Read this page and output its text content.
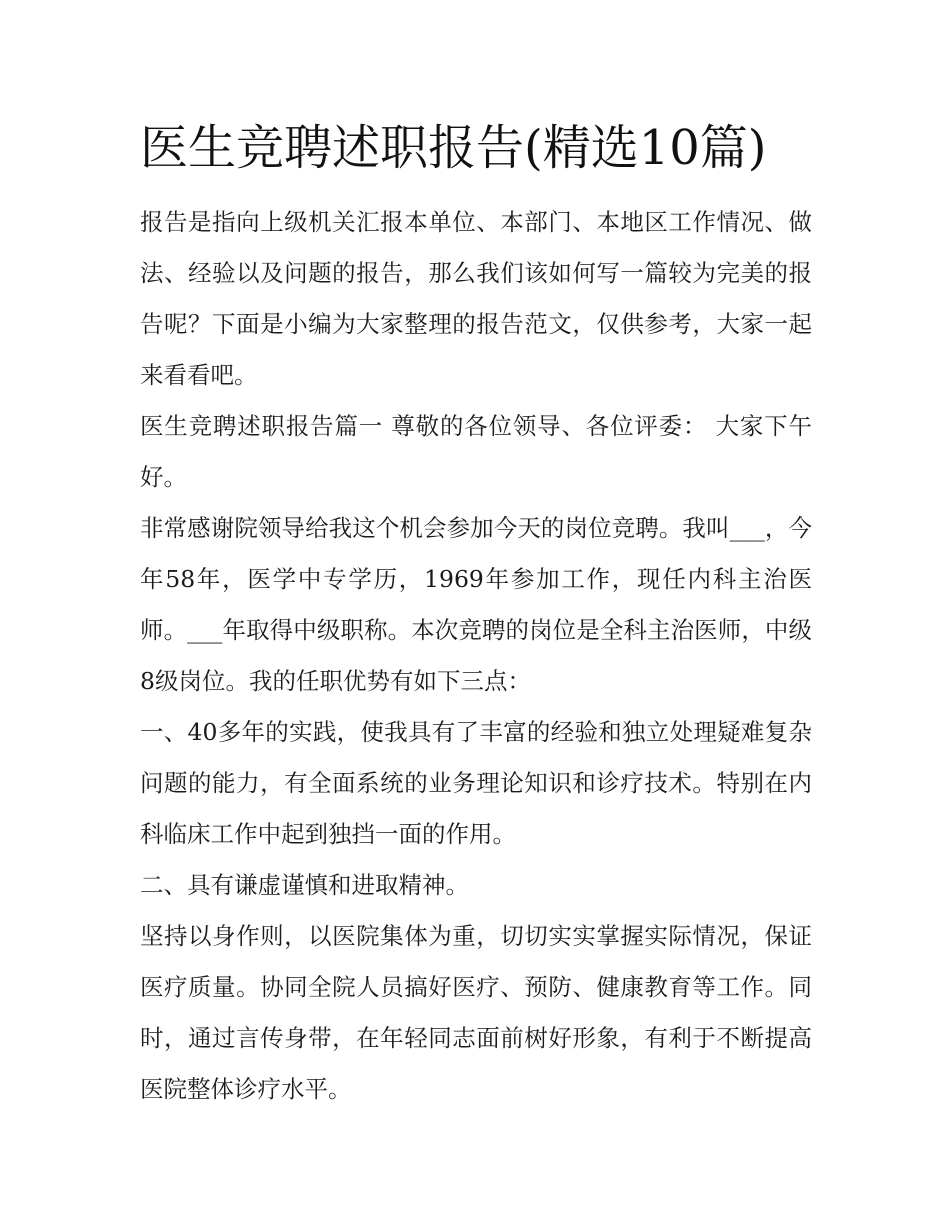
医生竞聘述职报告(精选10篇)

报告是指向上级机关汇报本单位、本部门、本地区工作情况、做法、经验以及问题的报告，那么我们该如何写一篇较为完美的报告呢？下面是小编为大家整理的报告范文，仅供参考，大家一起来看看吧。

医生竞聘述职报告篇一 尊敬的各位领导、各位评委： 大家下午好。

非常感谢院领导给我这个机会参加今天的岗位竞聘。我叫___，今年58年，医学中专学历，1969年参加工作，现任内科主治医师。___年取得中级职称。本次竞聘的岗位是全科主治医师，中级8级岗位。我的任职优势有如下三点：

一、40多年的实践，使我具有了丰富的经验和独立处理疑难复杂问题的能力，有全面系统的业务理论知识和诊疗技术。特别在内科临床工作中起到独挡一面的作用。

二、具有谦虚谨慎和进取精神。

坚持以身作则，以医院集体为重，切切实实掌握实际情况，保证医疗质量。协同全院人员搞好医疗、预防、健康教育等工作。同时，通过言传身带，在年轻同志面前树好形象，有利于不断提高医院整体诊疗水平。
